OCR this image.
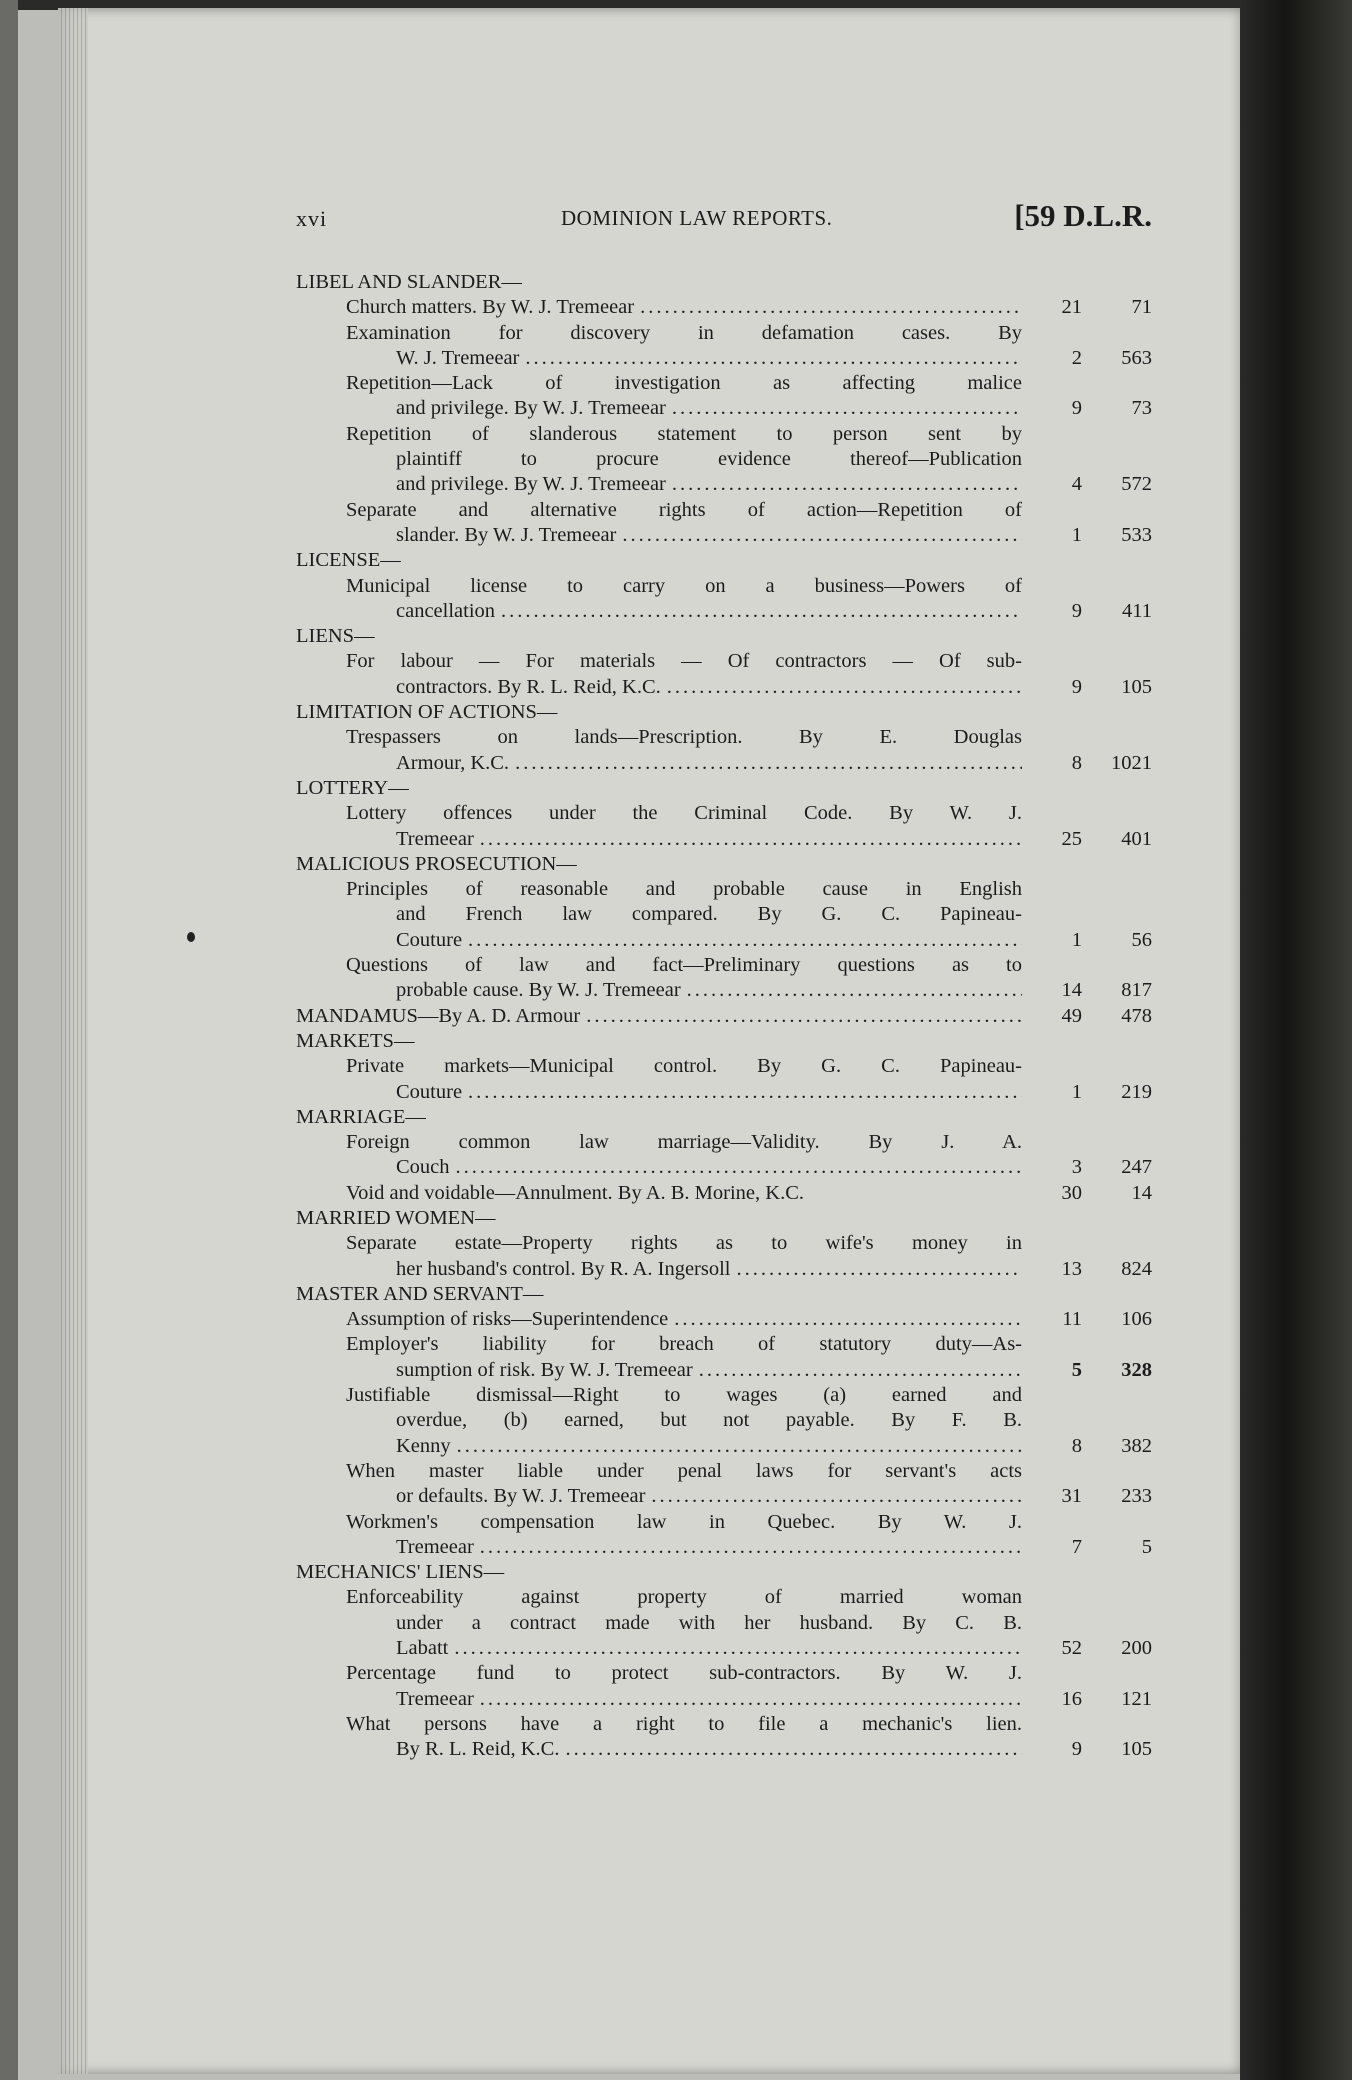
xvi	DOMINION LAW REPORTS.	[59 D.L.R.
LIBEL AND SLANDER—
Church matters. By W. J. Tremeear .....	21	71
Examination for discovery in defamation cases. By
W. J. Tremeear .....	2	563
Repetition—Lack of investigation as affecting malice
and privilege. By W. J. Tremeear .....	9	73
Repetition of slanderous statement to person sent by
plaintiff to procure evidence thereof—Publication
and privilege. By W. J. Tremeear .....	4	572
Separate and alternative rights of action—Repetition of
slander. By W. J. Tremeear .....	1	533
LICENSE—
Municipal license to carry on a business—Powers of
cancellation .....	9	411
LIENS—
For labour — For materials — Of contractors — Of sub-
contractors. By R. L. Reid, K.C. .....	9	105
LIMITATION OF ACTIONS—
Trespassers on lands—Prescription. By E. Douglas
Armour, K.C. .....	8	1021
LOTTERY—
Lottery offences under the Criminal Code. By W. J.
Tremeear .....	25	401
MALICIOUS PROSECUTION—
Principles of reasonable and probable cause in English
and French law compared. By G. C. Papineau-
Couture .....	1	56
Questions of law and fact—Preliminary questions as to
probable cause. By W. J. Tremeear .....	14	817
MANDAMUS—By A. D. Armour .....	49	478
MARKETS—
Private markets—Municipal control. By G. C. Papineau-
Couture .....	1	219
MARRIAGE—
Foreign common law marriage—Validity. By J. A.
Couch .....	3	247
Void and voidable—Annulment. By A. B. Morine, K.C.	30	14
MARRIED WOMEN—
Separate estate—Property rights as to wife's money in
her husband's control. By R. A. Ingersoll .....	13	824
MASTER AND SERVANT—
Assumption of risks—Superintendence .....	11	106
Employer's liability for breach of statutory duty—As-
sumption of risk. By W. J. Tremeear .....	5	328
Justifiable dismissal—Right to wages (a) earned and
overdue, (b) earned, but not payable. By F. B.
Kenny .....	8	382
When master liable under penal laws for servant's acts
or defaults. By W. J. Tremeear .....	31	233
Workmen's compensation law in Quebec. By W. J.
Tremeear .....	7	5
MECHANICS' LIENS—
Enforceability against property of married woman
under a contract made with her husband. By C. B.
Labatt .....	52	200
Percentage fund to protect sub-contractors. By W. J.
Tremeear .....	16	121
What persons have a right to file a mechanic's lien.
By R. L. Reid, K.C. .....	9	105
